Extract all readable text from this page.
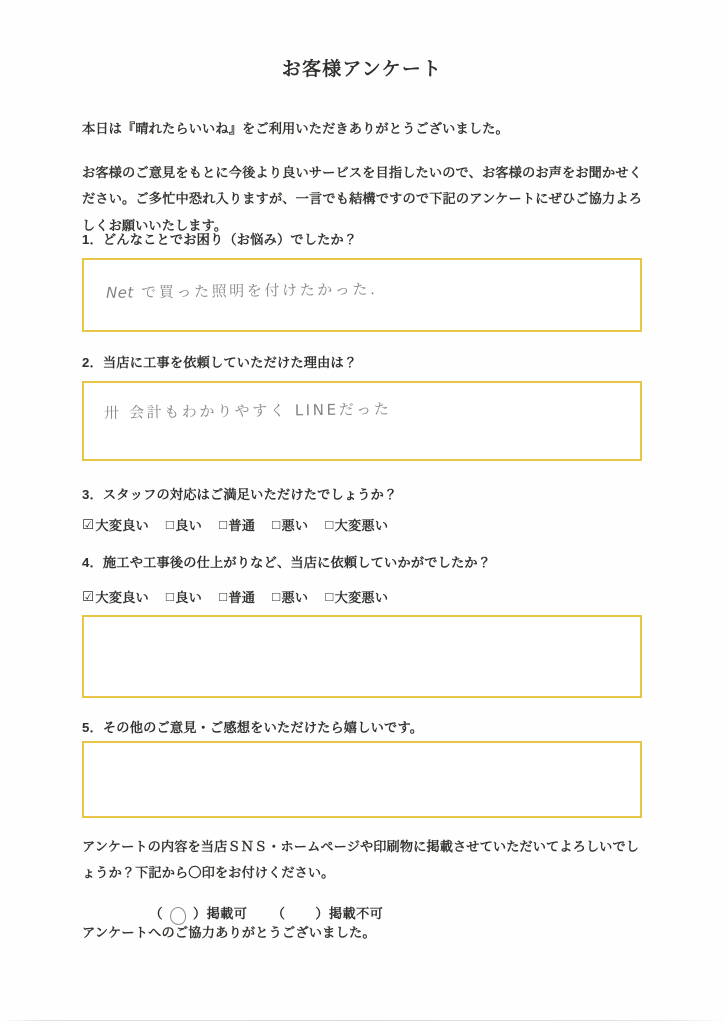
お客様アンケート

本日は『晴れたらいいね』をご利用いただきありがとうございました。

お客様のご意見をもとに今後より良いサービスを目指したいので、お客様のお声をお聞かせください。ご多忙中恐れ入りますが、一言でも結構ですので下記のアンケートにぜひご協力よろしくお願いいたします。

1．どんなことでお困り（お悩み）でしたか？
Net で買った照明を付けたかった.
2．当店に工事を依頼していただけた理由は？
卅 会計もわかりやすく LINEだった
3．スタッフの対応はご満足いただけたでしょうか？
☑ 大変良い □ 良い □ 普通 □ 悪い □ 大変悪い
4．施工や工事後の仕上がりなど、当店に依頼していかがでしたか？
☑ 大変良い □ 良い □ 普通 □ 悪い □ 大変悪い
5．その他のご意見・ご感想をいただけたら嬉しいです。

アンケートの内容を当店ＳＮＳ・ホームページや印刷物に掲載させていただいてよろしいでしょうか？下記から〇印をお付けください。

（ ）掲載可 （ ）掲載不可

アンケートへのご協力ありがとうございました。
